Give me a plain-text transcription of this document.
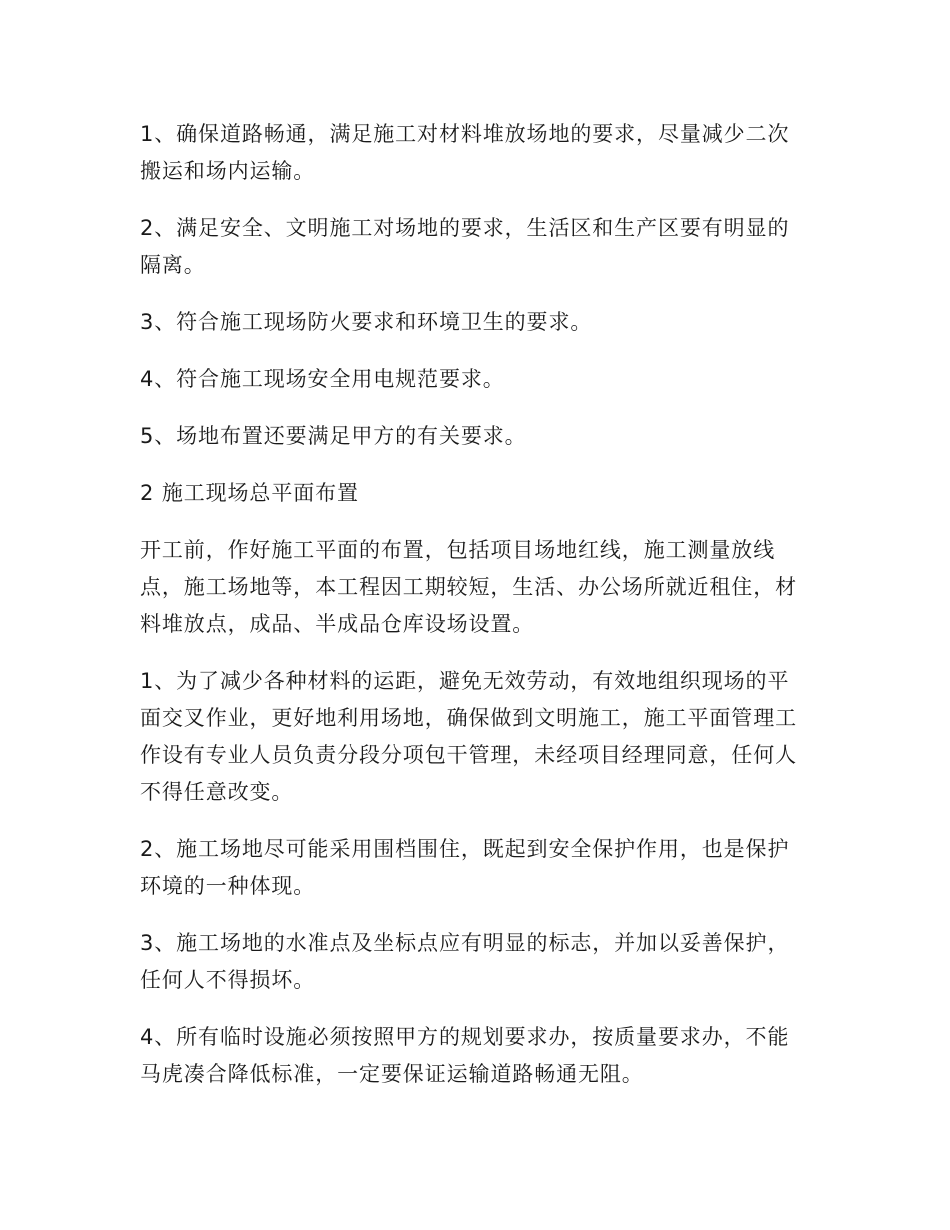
1、确保道路畅通，满足施工对材料堆放场地的要求，尽量减少二次搬运和场内运输。

2、满足安全、文明施工对场地的要求，生活区和生产区要有明显的隔离。

3、符合施工现场防火要求和环境卫生的要求。

4、符合施工现场安全用电规范要求。

5、场地布置还要满足甲方的有关要求。

2 施工现场总平面布置

开工前，作好施工平面的布置，包括项目场地红线，施工测量放线点，施工场地等，本工程因工期较短，生活、办公场所就近租住，材料堆放点，成品、半成品仓库设场设置。

1、为了减少各种材料的运距，避免无效劳动，有效地组织现场的平面交叉作业，更好地利用场地，确保做到文明施工，施工平面管理工作设有专业人员负责分段分项包干管理，未经项目经理同意，任何人不得任意改变。

2、施工场地尽可能采用围档围住，既起到安全保护作用，也是保护环境的一种体现。

3、施工场地的水准点及坐标点应有明显的标志，并加以妥善保护，任何人不得损坏。

4、所有临时设施必须按照甲方的规划要求办，按质量要求办，不能马虎凑合降低标准，一定要保证运输道路畅通无阻。
